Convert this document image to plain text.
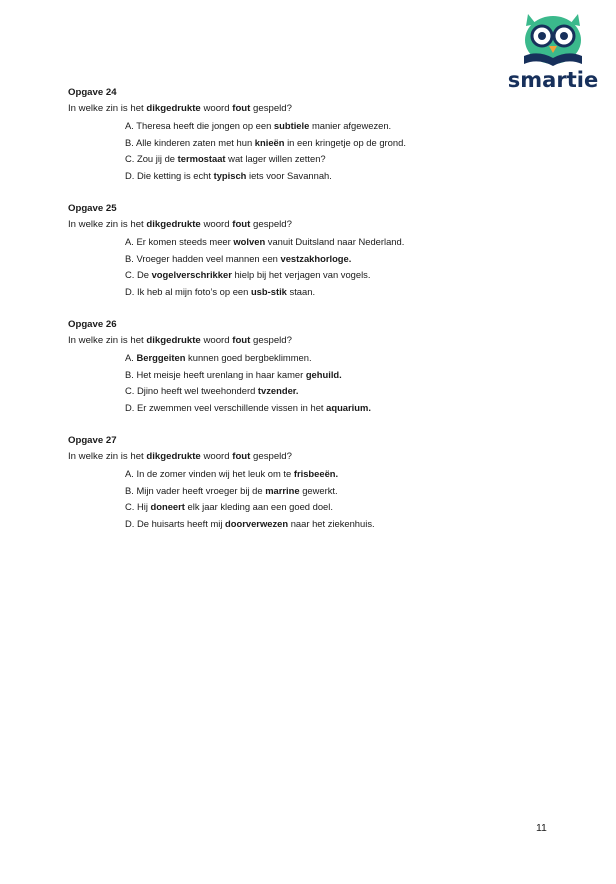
smartie
Opgave 24
In welke zin is het dikgedrukte woord fout gespeld?
A. Theresa heeft die jongen op een subtiele manier afgewezen.
B. Alle kinderen zaten met hun knieën in een kringetje op de grond.
C. Zou jij de termostaat wat lager willen zetten?
D. Die ketting is echt typisch iets voor Savannah.
Opgave 25
In welke zin is het dikgedrukte woord fout gespeld?
A. Er komen steeds meer wolven vanuit Duitsland naar Nederland.
B. Vroeger hadden veel mannen een vestzakhorloge.
C. De vogelverschrikker hielp bij het verjagen van vogels.
D. Ik heb al mijn foto’s op een usb-stik staan.
Opgave 26
In welke zin is het dikgedrukte woord fout gespeld?
A. Berggeiten kunnen goed bergbeklimmen.
B. Het meisje heeft urenlang in haar kamer gehuild.
C. Djino heeft wel tweehonderd tvzender.
D. Er zwemmen veel verschillende vissen in het aquarium.
Opgave 27
In welke zin is het dikgedrukte woord fout gespeld?
A. In de zomer vinden wij het leuk om te frisbeeën.
B. Mijn vader heeft vroeger bij de marrine gewerkt.
C. Hij doneert elk jaar kleding aan een goed doel.
D. De huisarts heeft mij doorverwezen naar het ziekenhuis.
11
